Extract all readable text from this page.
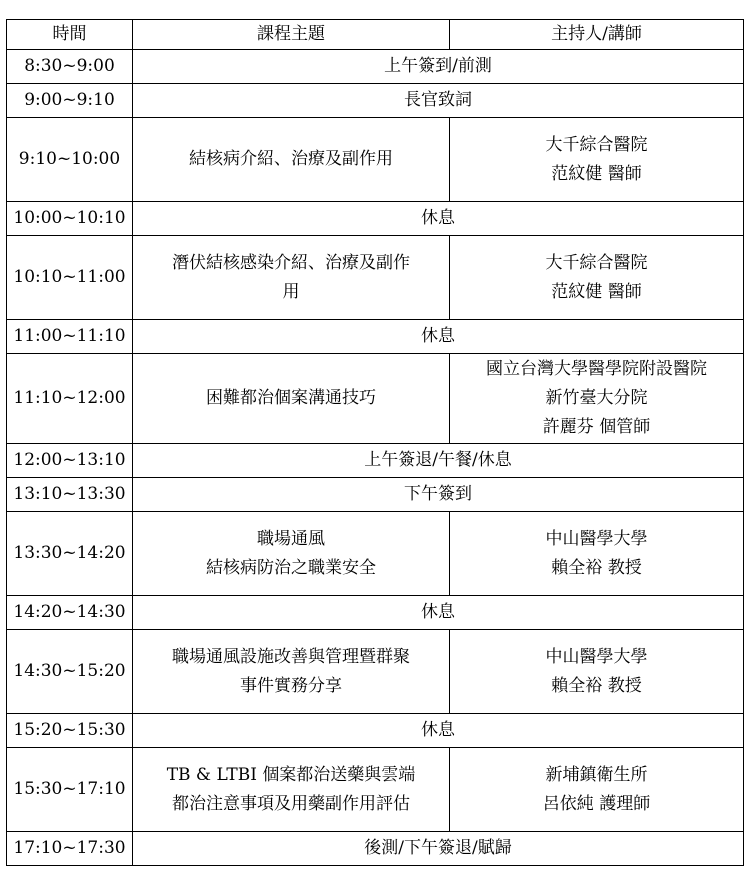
時間	課程主題	主持人/講師
8:30~9:00	上午簽到/前測	
9:00~9:10	長官致詞	
9:10~10:00	結核病介紹、治療及副作用	大千綜合醫院
范紋健 醫師

10:00~10:10	休息	
10:10~11:00	潛伏結核感染介紹、治療及副作
用	大千綜合醫院
范紋健 醫師

11:00~11:10	休息	
11:10~12:00	困難都治個案溝通技巧	國立台灣大學醫學院附設醫院
新竹臺大分院
許麗芬 個管師

12:00~13:10	上午簽退/午餐/休息	
13:10~13:30	下午簽到	
13:30~14:20	職場通風
結核病防治之職業安全	中山醫學大學
賴全裕 教授

14:20~14:30	休息	
14:30~15:20	職場通風設施改善與管理暨群聚
事件實務分享	中山醫學大學
賴全裕 教授

15:20~15:30	休息	
15:30~17:10	TB & LTBI 個案都治送藥與雲端
都治注意事項及用藥副作用評估	新埔鎮衛生所
呂依純 護理師

17:10~17:30	後測/下午簽退/賦歸	
